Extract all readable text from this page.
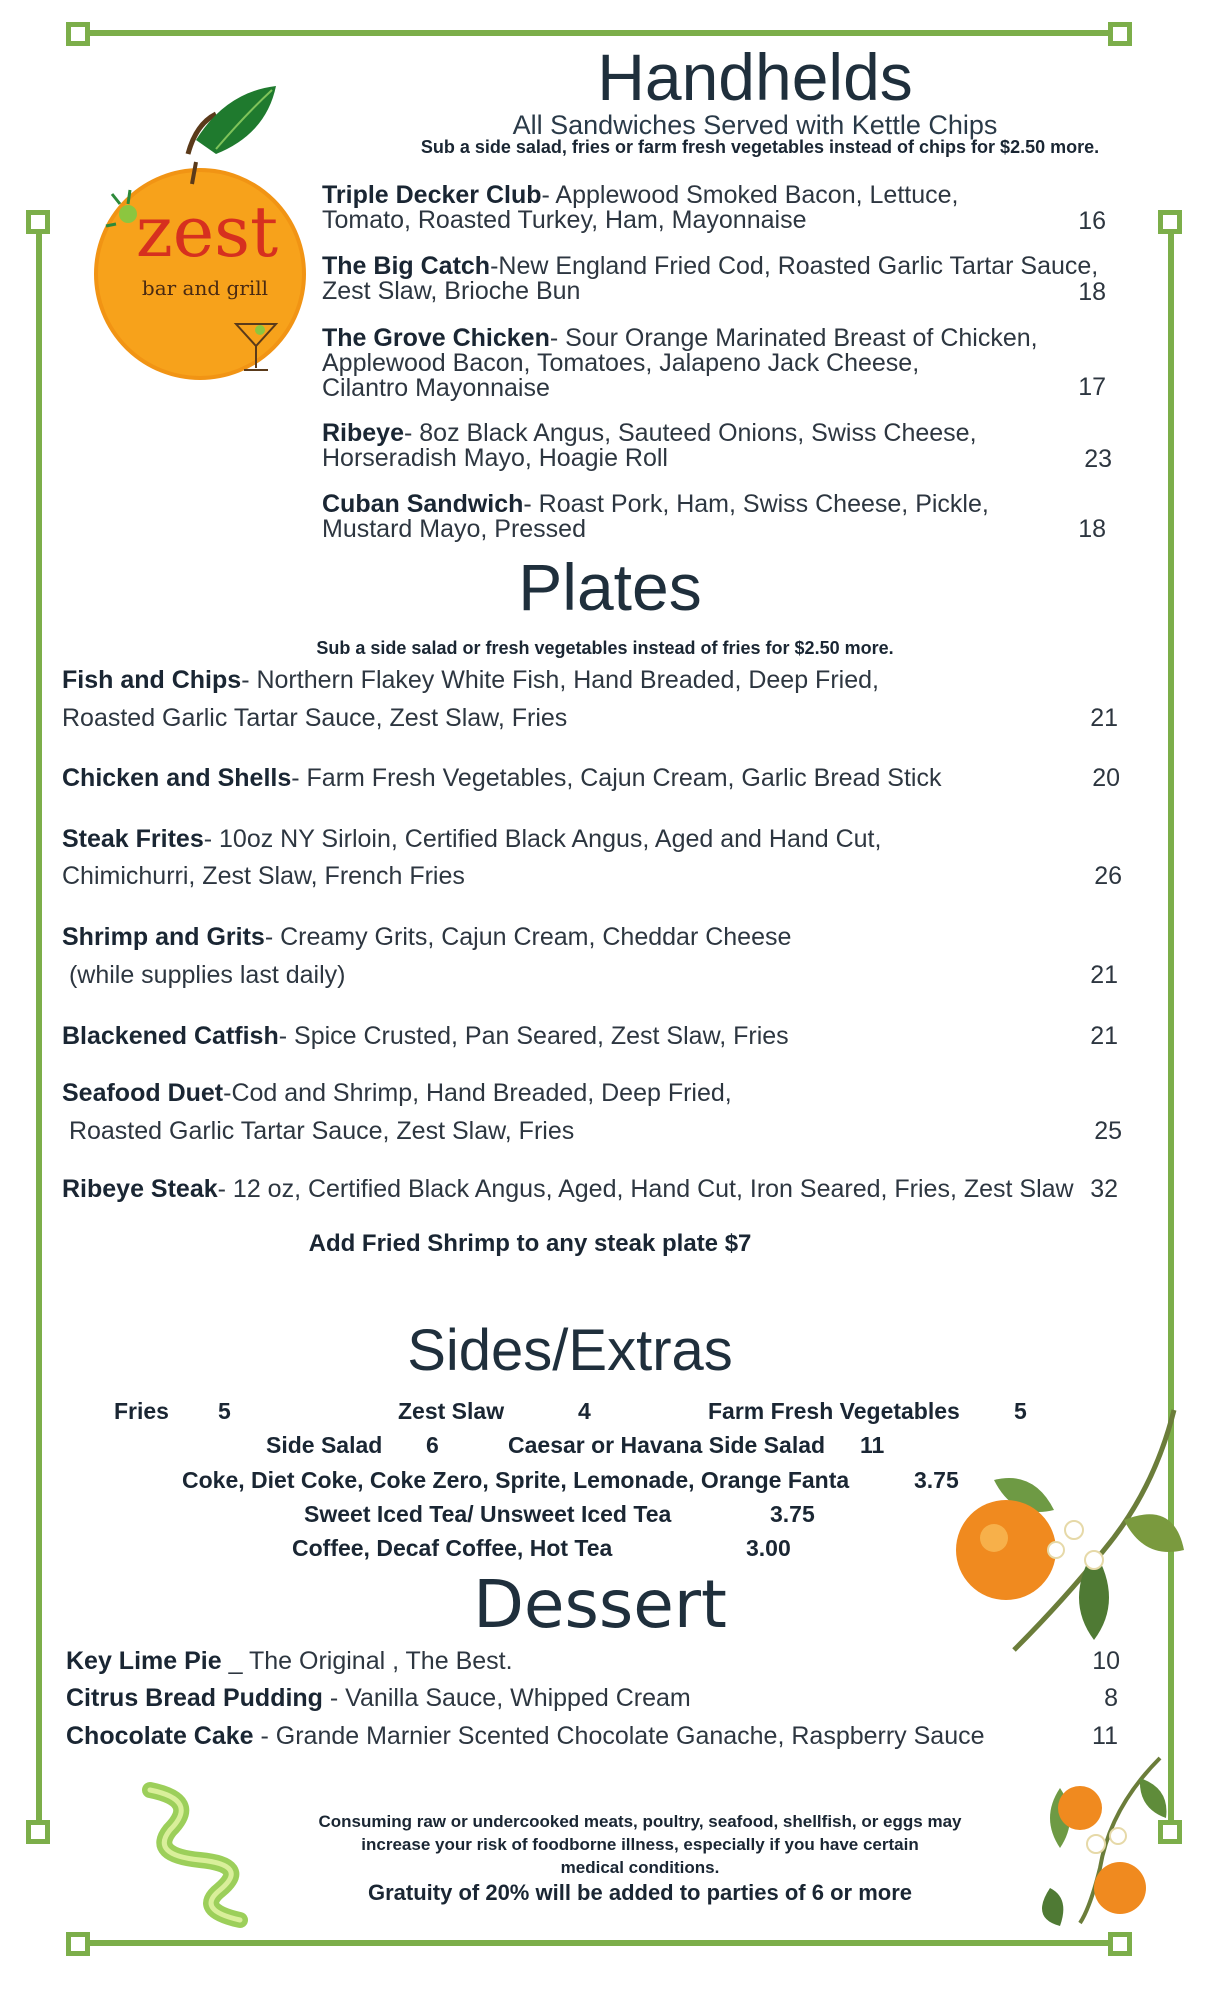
zest
bar and grill
Handhelds
All Sandwiches Served with Kettle Chips
Sub a side salad, fries or farm fresh vegetables instead of chips for $2.50 more.
Triple Decker Club- Applewood Smoked Bacon, Lettuce,
Tomato, Roasted Turkey, Ham, Mayonnaise	16
The Big Catch-New England Fried Cod, Roasted Garlic Tartar Sauce,
Zest Slaw, Brioche Bun	18
The Grove Chicken- Sour Orange Marinated Breast of Chicken,
Applewood Bacon, Tomatoes, Jalapeno Jack Cheese,
Cilantro Mayonnaise	17
Ribeye- 8oz Black Angus, Sauteed Onions, Swiss Cheese,
Horseradish Mayo, Hoagie Roll	23
Cuban Sandwich- Roast Pork, Ham, Swiss Cheese, Pickle,
Mustard Mayo, Pressed	18
Plates
Sub a side salad or fresh vegetables instead of fries for $2.50 more.
Fish and Chips- Northern Flakey White Fish, Hand Breaded, Deep Fried,
Roasted Garlic Tartar Sauce, Zest Slaw, Fries	21
Chicken and Shells- Farm Fresh Vegetables, Cajun Cream, Garlic Bread Stick	20
Steak Frites- 10oz NY Sirloin, Certified Black Angus, Aged and Hand Cut,
Chimichurri, Zest Slaw, French Fries	26
Shrimp and Grits- Creamy Grits, Cajun Cream, Cheddar Cheese
(while supplies last daily)	21
Blackened Catfish- Spice Crusted, Pan Seared, Zest Slaw, Fries	21
Seafood Duet-Cod and Shrimp, Hand Breaded, Deep Fried,
Roasted Garlic Tartar Sauce, Zest Slaw, Fries	25
Ribeye Steak- 12 oz, Certified Black Angus, Aged, Hand Cut, Iron Seared, Fries, Zest Slaw 32
Add Fried Shrimp to any steak plate $7
Sides/Extras
Fries 5	Zest Slaw	4	Farm Fresh Vegetables 5
Side Salad 6	Caesar or Havana Side Salad 11
Coke, Diet Coke, Coke Zero, Sprite, Lemonade, Orange Fanta	3.75
Sweet Iced Tea/ Unsweet Iced Tea	3.75
Coffee, Decaf Coffee, Hot Tea	3.00
Dessert
Key Lime Pie _ The Original , The Best.	10
Citrus Bread Pudding - Vanilla Sauce, Whipped Cream	8
Chocolate Cake - Grande Marnier Scented Chocolate Ganache, Raspberry Sauce	11
Consuming raw or undercooked meats, poultry, seafood, shellfish, or eggs may
increase your risk of foodborne illness, especially if you have certain
medical conditions.
Gratuity of 20% will be added to parties of 6 or more
